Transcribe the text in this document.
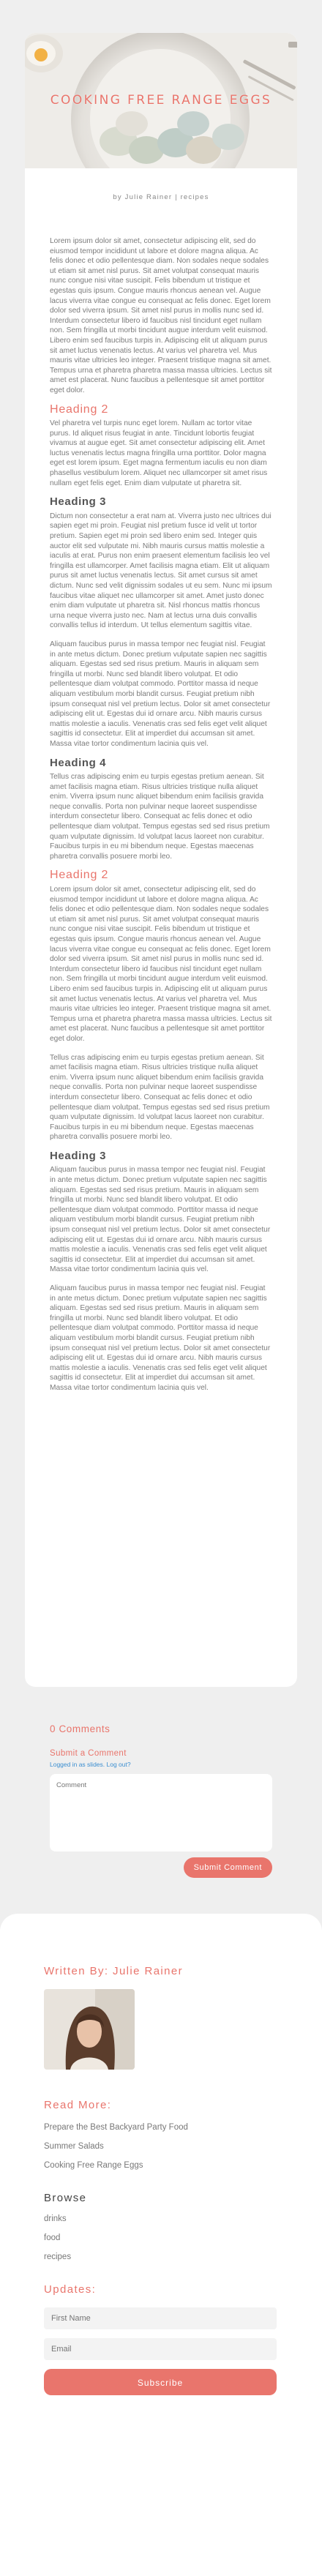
COOKING FREE RANGE EGGS
by Julie Rainer | recipes

Lorem ipsum dolor sit amet, consectetur adipiscing elit, sed do eiusmod tempor incididunt ut labore et dolore magna aliqua. Ac felis donec et odio pellentesque diam. Non sodales neque sodales ut etiam sit amet nisl purus. Sit amet volutpat consequat mauris nunc congue nisi vitae suscipit. Felis bibendum ut tristique et egestas quis ipsum. Congue mauris rhoncus aenean vel. Augue lacus viverra vitae congue eu consequat ac felis donec. Eget lorem dolor sed viverra ipsum. Sit amet nisl purus in mollis nunc sed id. Interdum consectetur libero id faucibus nisl tincidunt eget nullam non. Sem fringilla ut morbi tincidunt augue interdum velit euismod. Libero enim sed faucibus turpis in. Adipiscing elit ut aliquam purus sit amet luctus venenatis lectus. At varius vel pharetra vel. Mus mauris vitae ultricies leo integer. Praesent tristique magna sit amet. Tempus urna et pharetra pharetra massa massa ultricies. Lectus sit amet est placerat. Nunc faucibus a pellentesque sit amet porttitor eget dolor.

Heading 2

Vel pharetra vel turpis nunc eget lorem. Nullam ac tortor vitae purus. Id aliquet risus feugiat in ante. Tincidunt lobortis feugiat vivamus at augue eget. Sit amet consectetur adipiscing elit. Amet luctus venenatis lectus magna fringilla urna porttitor. Dolor magna eget est lorem ipsum. Eget magna fermentum iaculis eu non diam phasellus vestibulum lorem. Aliquet nec ullamcorper sit amet risus nullam eget felis eget. Enim diam vulputate ut pharetra sit.

Heading 3

Dictum non consectetur a erat nam at. Viverra justo nec ultrices dui sapien eget mi proin. Feugiat nisl pretium fusce id velit ut tortor pretium. Sapien eget mi proin sed libero enim sed. Integer quis auctor elit sed vulputate mi. Nibh mauris cursus mattis molestie a iaculis at erat. Purus non enim praesent elementum facilisis leo vel fringilla est ullamcorper. Amet facilisis magna etiam. Elit ut aliquam purus sit amet luctus venenatis lectus. Sit amet cursus sit amet dictum. Nunc sed velit dignissim sodales ut eu sem. Nunc mi ipsum faucibus vitae aliquet nec ullamcorper sit amet. Amet justo donec enim diam vulputate ut pharetra sit. Nisl rhoncus mattis rhoncus urna neque viverra justo nec. Nam at lectus urna duis convallis convallis tellus id interdum. Ut tellus elementum sagittis vitae.

Aliquam faucibus purus in massa tempor nec feugiat nisl. Feugiat in ante metus dictum. Donec pretium vulputate sapien nec sagittis aliquam. Egestas sed sed risus pretium. Mauris in aliquam sem fringilla ut morbi. Nunc sed blandit libero volutpat. Et odio pellentesque diam volutpat commodo. Porttitor massa id neque aliquam vestibulum morbi blandit cursus. Feugiat pretium nibh ipsum consequat nisl vel pretium lectus. Dolor sit amet consectetur adipiscing elit ut. Egestas dui id ornare arcu. Nibh mauris cursus mattis molestie a iaculis. Venenatis cras sed felis eget velit aliquet sagittis id consectetur. Elit at imperdiet dui accumsan sit amet. Massa vitae tortor condimentum lacinia quis vel.

Heading 4

Tellus cras adipiscing enim eu turpis egestas pretium aenean. Sit amet facilisis magna etiam. Risus ultricies tristique nulla aliquet enim. Viverra ipsum nunc aliquet bibendum enim facilisis gravida neque convallis. Porta non pulvinar neque laoreet suspendisse interdum consectetur libero. Consequat ac felis donec et odio pellentesque diam volutpat. Tempus egestas sed sed risus pretium quam vulputate dignissim. Id volutpat lacus laoreet non curabitur. Faucibus turpis in eu mi bibendum neque. Egestas maecenas pharetra convallis posuere morbi leo.

Heading 2

Lorem ipsum dolor sit amet, consectetur adipiscing elit, sed do eiusmod tempor incididunt ut labore et dolore magna aliqua. Ac felis donec et odio pellentesque diam. Non sodales neque sodales ut etiam sit amet nisl purus. Sit amet volutpat consequat mauris nunc congue nisi vitae suscipit. Felis bibendum ut tristique et egestas quis ipsum. Congue mauris rhoncus aenean vel. Augue lacus viverra vitae congue eu consequat ac felis donec. Eget lorem dolor sed viverra ipsum. Sit amet nisl purus in mollis nunc sed id. Interdum consectetur libero id faucibus nisl tincidunt eget nullam non. Sem fringilla ut morbi tincidunt augue interdum velit euismod. Libero enim sed faucibus turpis in. Adipiscing elit ut aliquam purus sit amet luctus venenatis lectus. At varius vel pharetra vel. Mus mauris vitae ultricies leo integer. Praesent tristique magna sit amet. Tempus urna et pharetra pharetra massa massa ultricies. Lectus sit amet est placerat. Nunc faucibus a pellentesque sit amet porttitor eget dolor.

Tellus cras adipiscing enim eu turpis egestas pretium aenean. Sit amet facilisis magna etiam. Risus ultricies tristique nulla aliquet enim. Viverra ipsum nunc aliquet bibendum enim facilisis gravida neque convallis. Porta non pulvinar neque laoreet suspendisse interdum consectetur libero. Consequat ac felis donec et odio pellentesque diam volutpat. Tempus egestas sed sed risus pretium quam vulputate dignissim. Id volutpat lacus laoreet non curabitur. Faucibus turpis in eu mi bibendum neque. Egestas maecenas pharetra convallis posuere morbi leo.

Heading 3

Aliquam faucibus purus in massa tempor nec feugiat nisl. Feugiat in ante metus dictum. Donec pretium vulputate sapien nec sagittis aliquam. Egestas sed sed risus pretium. Mauris in aliquam sem fringilla ut morbi. Nunc sed blandit libero volutpat. Et odio pellentesque diam volutpat commodo. Porttitor massa id neque aliquam vestibulum morbi blandit cursus. Feugiat pretium nibh ipsum consequat nisl vel pretium lectus. Dolor sit amet consectetur adipiscing elit ut. Egestas dui id ornare arcu. Nibh mauris cursus mattis molestie a iaculis. Venenatis cras sed felis eget velit aliquet sagittis id consectetur. Elit at imperdiet dui accumsan sit amet. Massa vitae tortor condimentum lacinia quis vel.

Aliquam faucibus purus in massa tempor nec feugiat nisl. Feugiat in ante metus dictum. Donec pretium vulputate sapien nec sagittis aliquam. Egestas sed sed risus pretium. Mauris in aliquam sem fringilla ut morbi. Nunc sed blandit libero volutpat. Et odio pellentesque diam volutpat commodo. Porttitor massa id neque aliquam vestibulum morbi blandit cursus. Feugiat pretium nibh ipsum consequat nisl vel pretium lectus. Dolor sit amet consectetur adipiscing elit ut. Egestas dui id ornare arcu. Nibh mauris cursus mattis molestie a iaculis. Venenatis cras sed felis eget velit aliquet sagittis id consectetur. Elit at imperdiet dui accumsan sit amet. Massa vitae tortor condimentum lacinia quis vel.

0 Comments
Submit a Comment
Logged in as slides. Log out?
Comment
Submit Comment
Written By: Julie Rainer
Read More:
Prepare the Best Backyard Party Food
Summer Salads
Cooking Free Range Eggs
Browse
drinks
food
recipes
Updates:
First Name
Email
Subscribe
